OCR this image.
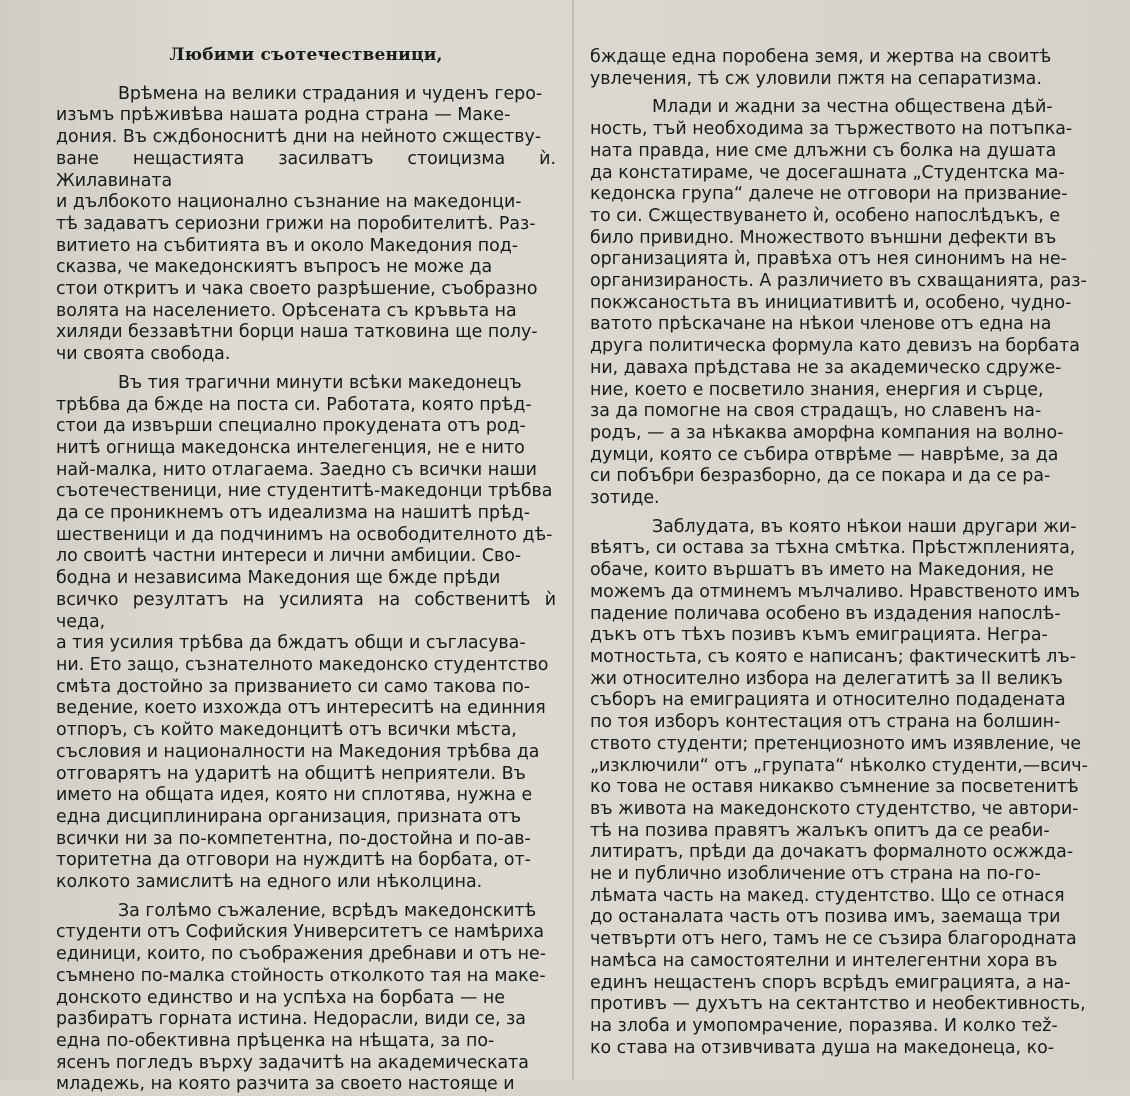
Любими съотечественици,

Врѣмена на велики страдания и чуденъ геро-
изъмъ прѣживѣва нашата родна страна — Маке-
дония. Въ сждбоноснитѣ дни на нейното сжществу-
ване нещастията засилватъ стоицизма ѝ. Жилавината
и дълбокото национално съзнание на македонци-
тѣ задаватъ сериозни грижи на поробителитѣ. Раз-
витието на събитията въ и около Македония под-
сказва, че македонскиятъ въпросъ не може да
стои откритъ и чака своето разрѣшение, съобразно
волята на населението. Орѣсената съ кръвьта на
хиляди беззавѣтни борци наша татковина ще полу-
чи своята свобода.

Въ тия трагични минути всѣки македонецъ
трѣбва да бжде на поста си. Работата, която прѣд-
стои да извърши специално прокудената отъ род-
нитѣ огнища македонска интелегенция, не е нито
най-малка, нито отлагаема. Заедно съ всички наши
съотечественици, ние студентитѣ-македонци трѣбва
да се проникнемъ отъ идеализма на нашитѣ прѣд-
шественици и да подчинимъ на освободителното дѣ-
ло своитѣ частни интереси и лични амбиции. Сво-
бодна и независима Македония ще бжде прѣди
всичко резултатъ на усилията на собственитѣ ѝ чеда,
а тия усилия трѣбва да бждатъ общи и съгласува-
ни. Ето защо, съзнателното македонско студентство
смѣта достойно за призванието си само такова по-
ведение, което изхожда отъ интереситѣ на единния
отпоръ, съ който македонцитѣ отъ всички мѣста,
съсловия и националности на Македония трѣбва да
отговарятъ на ударитѣ на общитѣ неприятели. Въ
името на общата идея, която ни сплотява, нужна е
една дисциплинирана организация, призната отъ
всички ни за по-компетентна, по-достойна и по-ав-
торитетна да отговори на нуждитѣ на борбата, от-
колкото замислитѣ на едного или нѣколцина.

За голѣмо съжаление, всрѣдъ македонскитѣ
студенти отъ Софийския Университетъ се намѣриха
единици, които, по съображения дребнави и отъ не-
съмнено по-малка стойность отколкото тая на маке-
донското единство и на успѣха на борбата — не
разбиратъ горната истина. Недорасли, види се, за
една по-обективна прѣценка на нѣщата, за по-
ясенъ погледъ върху задачитѣ на академическата
младежь, на която разчита за своето настояще и

бждаще една поробена земя, и жертва на своитѣ
увлечения, тѣ сж уловили пжтя на сепаратизма.

Млади и жадни за честна обществена дѣй-
ность, тъй необходима за тържеството на потъпка-
ната правда, ние сме длъжни съ болка на душата
да констатираме, че досегашната „Студентска ма-
кедонска група“ далече не отговори на призвание-
то си. Сжществуването ѝ, особено напослѣдъкъ, е
било привидно. Множеството външни дефекти въ
организацията ѝ, правѣха отъ нея синонимъ на не-
организираность. А различието въ схващанията, раз-
покжсаностьта въ инициативитѣ и, особено, чудно-
ватото прѣскачане на нѣкои членове отъ една на
друга политическа формула като девизъ на борбата
ни, даваха прѣдстава не за академическо сдруже-
ние, което е посветило знания, енергия и сърце,
за да помогне на своя страдащъ, но славенъ на-
родъ, — а за нѣкаква аморфна компания на волно-
думци, която се събира отврѣме — наврѣме, за да
си побъбри безразборно, да се покара и да се ра-
зотиде.

Заблудата, въ която нѣкои наши другари жи-
вѣятъ, си остава за тѣхна смѣтка. Прѣстжпленията,
обаче, които вършатъ въ името на Македония, не
можемъ да отминемъ мълчаливо. Нравственото имъ
падение поличава особено въ издадения напослѣ-
дъкъ отъ тѣхъ позивъ къмъ емиграцията. Негра-
мотностьта, съ която е написанъ; фактическитѣ лъ-
жи относително избора на делегатитѣ за II великъ
съборъ на емиграцията и относително подадената
по тоя изборъ контестация отъ страна на болшин-
ството студенти; претенциозното имъ изявление, че
„изключили“ отъ „групата“ нѣколко студенти,—всич-
ко това не оставя никакво съмнение за посветенитѣ
въ живота на македонското студентство, че автори-
тѣ на позива правятъ жалъкъ опитъ да се реаби-
литиратъ, прѣди да дочакатъ формалното осжжда-
не и публично изобличение отъ страна на по-го-
лѣмата часть на макед. студентство. Що се отнася
до останалата часть отъ позива имъ, заемаща три
четвърти отъ него, тамъ не се съзира благородната
намѣса на самостоятелни и интелегентни хора въ
единъ нещастенъ споръ всрѣдъ емиграцията, а на-
противъ — духътъ на сектантство и необективность,
на злоба и умопомрачение, поразява. И колко тež-
ко става на отзивчивата душа на македонеца, ко-
